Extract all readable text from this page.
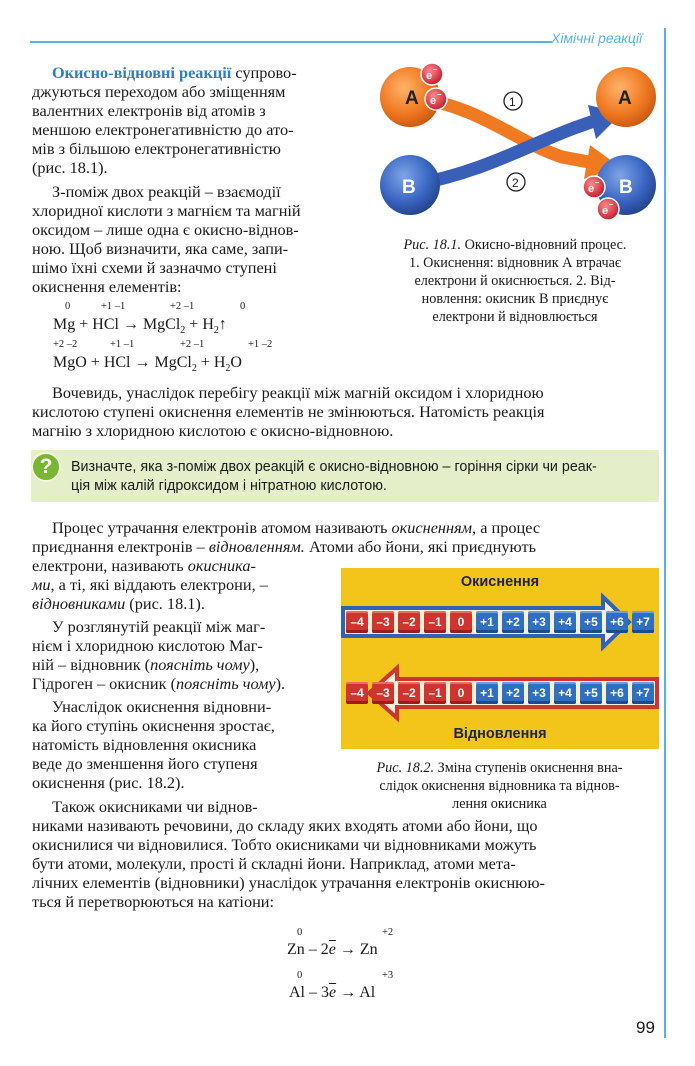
Хімічні реакції
Окисно-відновні реакції супрово-
джуються переходом або зміщенням
валентних електронів від атомів з
меншою електронегативністю до ато-
мів з більшою електронегативністю
(рис. 18.1).
З-поміж двох реакцій – взаємодії
хлоридної кислоти з магнієм та магній
оксидом – лише одна є окисно-віднов-
ною. Щоб визначити, яка саме, запи-
шімо їхні схеми й зазначмо ступені
окиснення елементів:
0	+1 –1	+2 –1	0
Mg + HCl → MgCl$_2$ + $H_2↑$
+2 –2	+1 –1	+2 –1	+1 –2
MgO + HCl → MgCl$_2$ + $H_2O$
A
B
A
B
e
–
e
–
e
–
e
–
1
2
Рис. 18.1. Окисно-відновний процес.
1. Окиснення: відновник А втрачає
електрони й окиснюється. 2. Від-
новлення: окисник В приєднує
електрони й відновлюється
Вочевидь, унаслідок перебігу реакції між магній оксидом і хлоридною
кислотою ступені окиснення елементів не змінюються. Натомість реакція
магнію з хлоридною кислотою є окисно-відновною.
?	Визначте, яка з-поміж двох реакцій є окисно-відновною – горіння сірки чи реак-
ція між калій гідроксидом і нітратною кислотою.
Процес утрачання електронів атомом називають окисненням, а процес
приєднання електронів – відновленням. Атоми або йони, які приєднують
електрони, називають окисника-
ми, а ті, які віддають електрони, –
відновниками (рис. 18.1).
У розглянутій реакції між маг-
нієм і хлоридною кислотою Маг-
ній – відновник (поясніть чому),
Гідроген – окисник (поясніть чому).
Унаслідок окиснення відновни-
ка його ступінь окиснення зростає,
натомість відновлення окисника
веде до зменшення його ступеня
окиснення (рис. 18.2).
Окиснення
–4	–3	–2	–1	0	+1	+2	+3	+4	+5	+6	+7
–4	–3	–2	–1	0	+1	+2	+3	+4	+5	+6	+7
Відновлення
Рис. 18.2. Зміна ступенів окиснення вна-
слідок окиснення відновника та віднов-
лення окисника
Також окисниками чи віднов-
никами називають речовини, до складу яких входять атоми або йони, що
окиснилися чи відновилися. Тобто окисниками чи відновниками можуть
бути атоми, молекули, прості й складні йони. Наприклад, атоми мета-
лічних елементів (відновники) унаслідок утрачання електронів окиснюю-
ться й перетворюються на катіони:
0	+2
$Zn - 2\overline{e} \to Zn$
0	+3
$Al - 3\overline{e} \to Al$
99
